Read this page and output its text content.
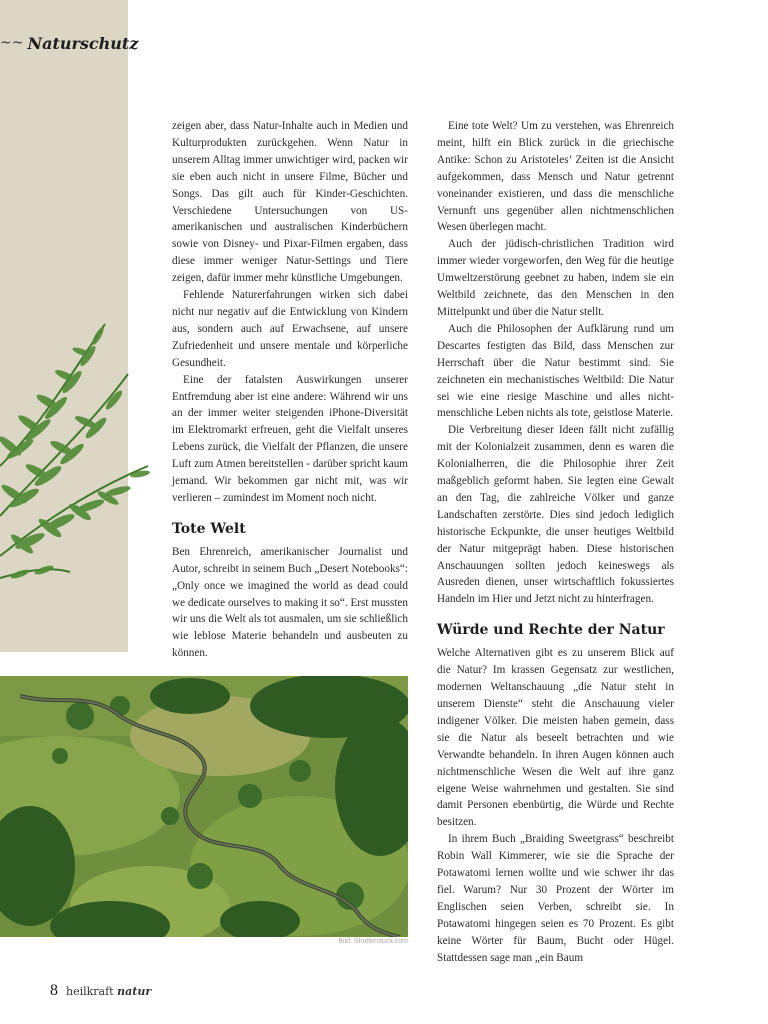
~~ Naturschutz

zeigen aber, dass Natur-Inhalte auch in Medien und Kulturprodukten zurückgehen. Wenn Natur in unserem Alltag immer unwichtiger wird, packen wir sie eben auch nicht in unsere Filme, Bücher und Songs. Das gilt auch für Kinder-Geschichten. Verschiedene Untersuchungen von US-amerikanischen und australischen Kinderbüchern sowie von Disney- und Pixar-Filmen ergaben, dass diese immer weniger Natur-Settings und Tiere zeigen, dafür immer mehr künstliche Umgebungen.

Fehlende Naturerfahrungen wirken sich dabei nicht nur negativ auf die Entwicklung von Kindern aus, sondern auch auf Erwachsene, auf unsere Zufriedenheit und unsere mentale und körperliche Gesundheit.

Eine der fatalsten Auswirkungen unserer Entfremdung aber ist eine andere: Während wir uns an der immer weiter steigenden iPhone-Diversität im Elektromarkt erfreuen, geht die Vielfalt unseres Lebens zurück, die Vielfalt der Pflanzen, die unsere Luft zum Atmen bereitstellen - darüber spricht kaum jemand. Wir bekommen gar nicht mit, was wir verlieren – zumindest im Moment noch nicht.

Tote Welt

Ben Ehrenreich, amerikanischer Journalist und Autor, schreibt in seinem Buch „Desert Notebooks“: „Only once we imagined the world as dead could we dedicate ourselves to making it so“. Erst mussten wir uns die Welt als tot ausmalen, um sie schließlich wie leblose Materie behandeln und ausbeuten zu können.

Eine tote Welt? Um zu verstehen, was Ehrenreich meint, hilft ein Blick zurück in die griechische Antike: Schon zu Aristoteles’ Zeiten ist die Ansicht aufgekommen, dass Mensch und Natur getrennt voneinander existieren, und dass die menschliche Vernunft uns gegenüber allen nichtmenschlichen Wesen überlegen macht.

Auch der jüdisch-christlichen Tradition wird immer wieder vorgeworfen, den Weg für die heutige Umweltzerstörung geebnet zu haben, indem sie ein Weltbild zeichnete, das den Menschen in den Mittelpunkt und über die Natur stellt.

Auch die Philosophen der Aufklärung rund um Descartes festigten das Bild, dass Menschen zur Herrschaft über die Natur bestimmt sind. Sie zeichneten ein mechanistisches Weltbild: Die Natur sei wie eine riesige Maschine und alles nicht-menschliche Leben nichts als tote, geistlose Materie.

Die Verbreitung dieser Ideen fällt nicht zufällig mit der Kolonialzeit zusammen, denn es waren die Kolonialherren, die die Philosophie ihrer Zeit maßgeblich geformt haben. Sie legten eine Gewalt an den Tag, die zahlreiche Völker und ganze Landschaften zerstörte. Dies sind jedoch lediglich historische Eckpunkte, die unser heutiges Weltbild der Natur mitgeprägt haben. Diese historischen Anschauungen sollten jedoch keineswegs als Ausreden dienen, unser wirtschaftlich fokussiertes Handeln im Hier und Jetzt nicht zu hinterfragen.

Würde und Rechte der Natur

Welche Alternativen gibt es zu unserem Blick auf die Natur? Im krassen Gegensatz zur westlichen, modernen Weltanschauung „die Natur steht in unserem Dienste“ steht die Anschauung vieler indigener Völker. Die meisten haben gemein, dass sie die Natur als beseelt betrachten und wie Verwandte behandeln. In ihren Augen können auch nichtmenschliche Wesen die Welt auf ihre ganz eigene Weise wahrnehmen und gestalten. Sie sind damit Personen ebenbürtig, die Würde und Rechte besitzen.

In ihrem Buch „Braiding Sweetgrass“ beschreibt Robin Wall Kimmerer, wie sie die Sprache der Potawatomi lernen wollte und wie schwer ihr das fiel. Warum? Nur 30 Prozent der Wörter im Englischen seien Verben, schreibt sie. In Potawatomi hingegen seien es 70 Prozent. Es gibt keine Wörter für Baum, Bucht oder Hügel. Stattdessen sage man „ein Baum

Bild: Shutterstock.com
8 heilkraft natur
